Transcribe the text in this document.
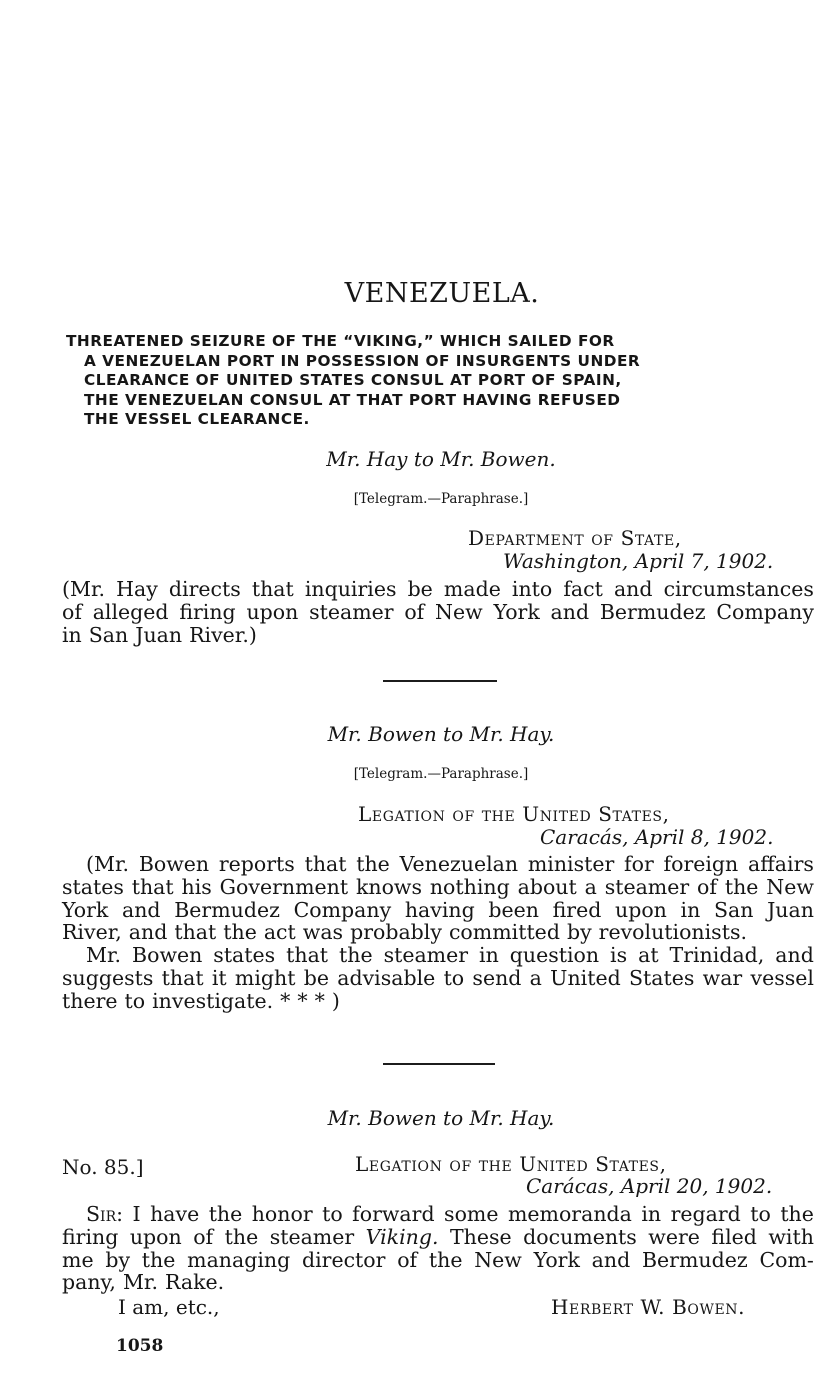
VENEZUELA.
THREATENED SEIZURE OF THE “VIKING,” WHICH SAILED FOR
A VENEZUELAN PORT IN POSSESSION OF INSURGENTS UNDER
CLEARANCE OF UNITED STATES CONSUL AT PORT OF SPAIN,
THE VENEZUELAN CONSUL AT THAT PORT HAVING REFUSED
THE VESSEL CLEARANCE.
Mr. Hay to Mr. Bowen.
[Telegram.—Paraphrase.]
Department of State,
Washington, April 7, 1902.
(Mr. Hay directs that inquiries be made into fact and circumstances
of alleged firing upon steamer of New York and Bermudez Company
in San Juan River.)
Mr. Bowen to Mr. Hay.
[Telegram.—Paraphrase.]
Legation of the United States,
Caracás, April 8, 1902.
(Mr. Bowen reports that the Venezuelan minister for foreign affairs
states that his Government knows nothing about a steamer of the New
York and Bermudez Company having been fired upon in San Juan
River, and that the act was probably committed by revolutionists.
Mr. Bowen states that the steamer in question is at Trinidad, and
suggests that it might be advisable to send a United States war vessel
there to investigate. * * * )
Mr. Bowen to Mr. Hay.
No. 85.]	Legation of the United States,
Carácas, April 20, 1902.
Sir: I have the honor to forward some memoranda in regard to the
firing upon of the steamer Viking. These documents were filed with
me by the managing director of the New York and Bermudez Com-
pany, Mr. Rake.
I am, etc.,	Herbert W. Bowen.
1058
